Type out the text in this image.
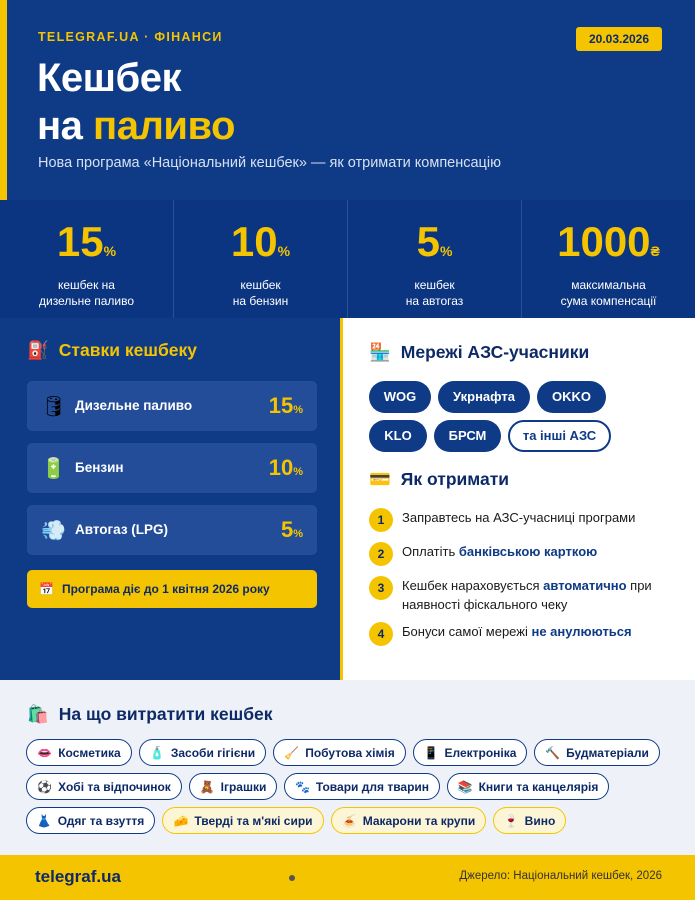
TELEGRAF.UA · ФІНАНСИ	20.03.2026
Кешбек
на паливо
Нова програма «Національний кешбек» — як отримати компенсацію
15%
кешбек на
дизельне паливо
10%
кешбек
на бензин
5%
кешбек
на автогаз
1000₴
максимальна
сума компенсації
⛽ Ставки кешбеку
🛢 Дизельне паливо	15%
🔋 Бензин	10%
💨 Автогаз (LPG)	5%
📅 Програма діє до 1 квітня 2026 року
🏪 Мережі АЗС-учасники
WOG	Укрнафта	OKKO
KLO	БРСМ	та інші АЗС
💳 Як отримати
1	Заправтесь на АЗС-учасниці програми
2	Оплатіть банківською карткою
3	Кешбек нараховується автоматично при наявності фіскального чеку
4	Бонуси самої мережі не анулюються
🛍️ На що витратити кешбек
👄 Косметика 🧴 Засоби гігієни 🧹 Побутова хімія 📱 Електроніка 🔨 Будматеріали
⚽ Хобі та відпочинок 🧸 Іграшки 🐾 Товари для тварин 📚 Книги та канцелярія
👗 Одяг та взуття 🧀 Тверді та м'які сири 🍝 Макарони та крупи 🍷 Вино
telegraf.ua	Джерело: Національний кешбек, 2026
